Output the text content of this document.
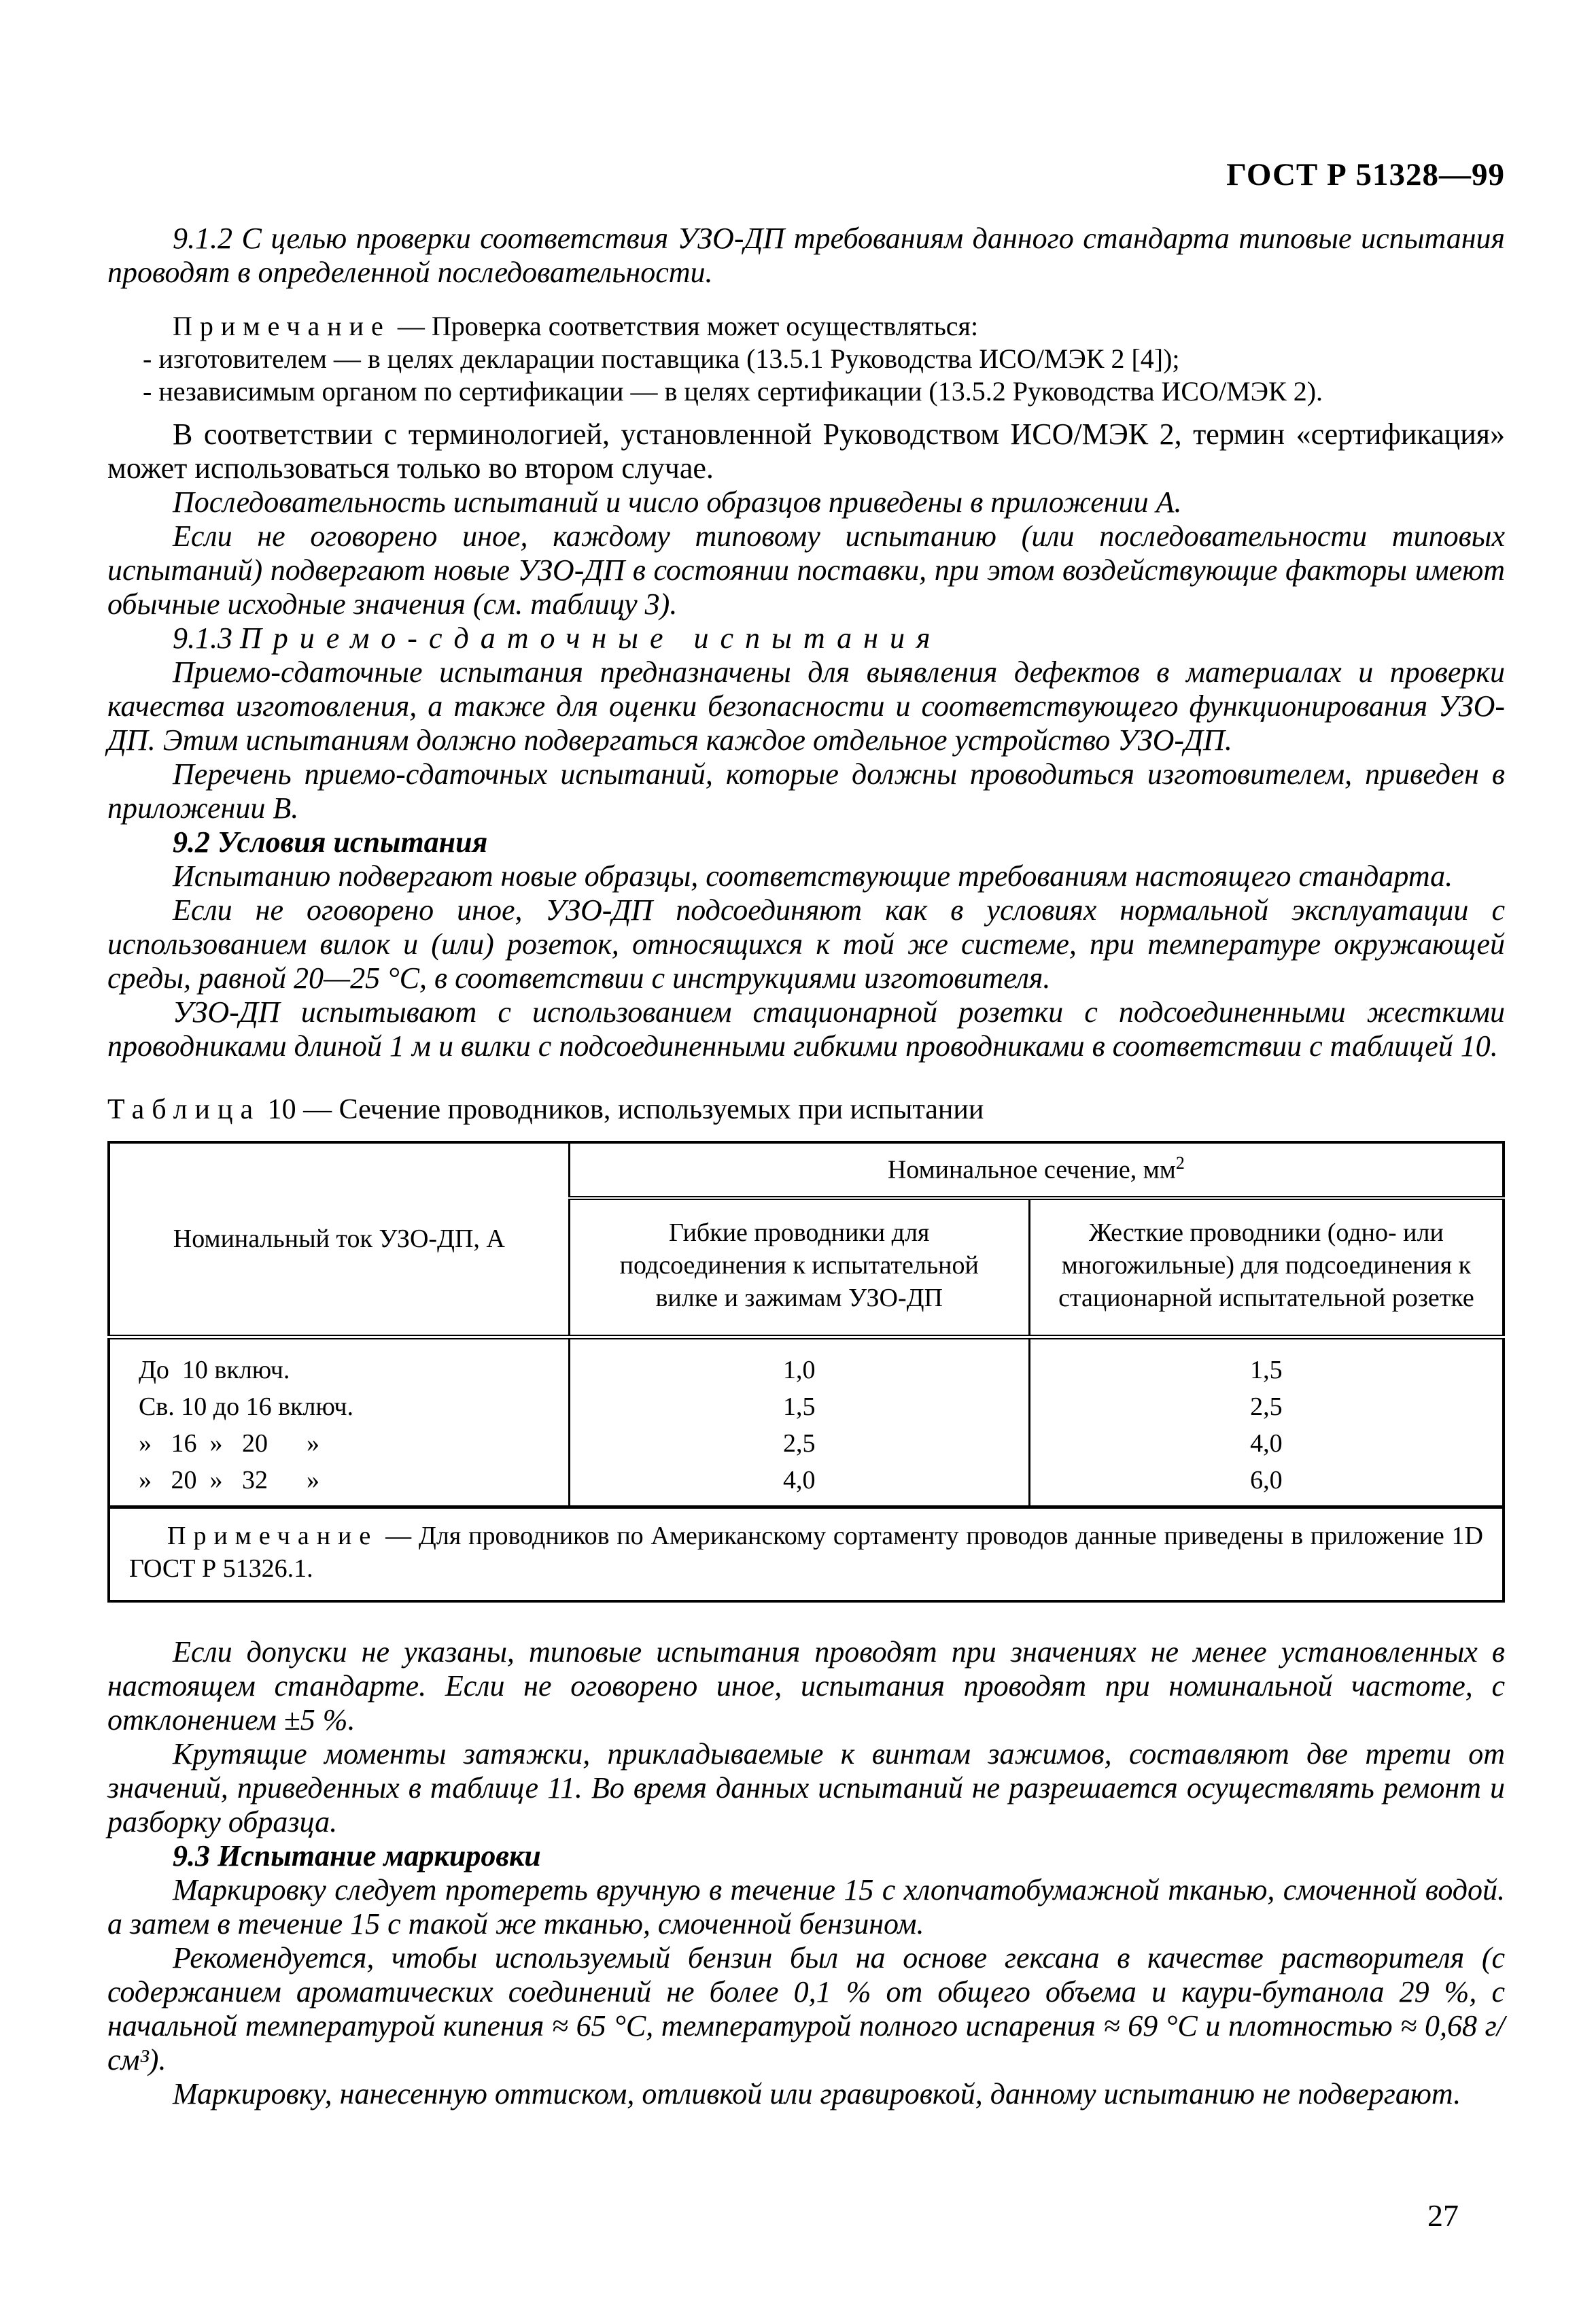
ГОСТ Р 51328—99

9.1.2 С целью проверки соответствия УЗО-ДП требованиям данного стандарта типовые испытания проводят в определенной последовательности.

Примечание — Проверка соответствия может осуществляться:

- изготовителем — в целях декларации поставщика (13.5.1 Руководства ИСО/МЭК 2 [4]);

- независимым органом по сертификации — в целях сертификации (13.5.2 Руководства ИСО/МЭК 2).

В соответствии с терминологией, установленной Руководством ИСО/МЭК 2, термин «сертификация» может использоваться только во втором случае.

Последовательность испытаний и число образцов приведены в приложении А.

Если не оговорено иное, каждому типовому испытанию (или последовательности типовых испытаний) подвергают новые УЗО-ДП в состоянии поставки, при этом воздействующие факторы имеют обычные исходные значения (см. таблицу 3).

9.1.3 Приемо-сдаточные испытания

Приемо-сдаточные испытания предназначены для выявления дефектов в материалах и проверки качества изготовления, а также для оценки безопасности и соответствующего функционирования УЗО-ДП. Этим испытаниям должно подвергаться каждое отдельное устройство УЗО-ДП.

Перечень приемо-сдаточных испытаний, которые должны проводиться изготовителем, приведен в приложении В.

9.2 Условия испытания

Испытанию подвергают новые образцы, соответствующие требованиям настоящего стандарта.

Если не оговорено иное, УЗО-ДП подсоединяют как в условиях нормальной эксплуатации с использованием вилок и (или) розеток, относящихся к той же системе, при температуре окружающей среды, равной 20—25 °С, в соответствии с инструкциями изготовителя.

УЗО-ДП испытывают с использованием стационарной розетки с подсоединенными жесткими проводниками длиной 1 м и вилки с подсоединенными гибкими проводниками в соответствии с таблицей 10.

Таблица 10 — Сечение проводников, используемых при испытании

Номинальный ток УЗО-ДП, А	Номинальное сечение, $мм^2$
	Гибкие проводники для подсоединения к испытательной вилке и зажимам УЗО-ДП	Жесткие проводники (одно- или многожильные) для подсоединения к стационарной испытательной розетке
До  10 включ.	1,0	1,5
Св. 10 до 16 включ.	1,5	2,5
»   16  »   20      »	2,5	4,0
»   20  »   32      »	4,0	6,0
Примечание — Для проводников по Американскому сортаменту проводов данные приведены в приложение 1D ГОСТ Р 51326.1.		

Если допуски не указаны, типовые испытания проводят при значениях не менее установленных в настоящем стандарте. Если не оговорено иное, испытания проводят при номинальной частоте, с отклонением ±5 %.

Крутящие моменты затяжки, прикладываемые к винтам зажимов, составляют две трети от значений, приведенных в таблице 11. Во время данных испытаний не разрешается осуществлять ремонт и разборку образца.

9.3 Испытание маркировки

Маркировку следует протереть вручную в течение 15 с хлопчатобумажной тканью, смоченной водой. а затем в течение 15 с такой же тканью, смоченной бензином.

Рекомендуется, чтобы используемый бензин был на основе гексана в качестве растворителя (с содержанием ароматических соединений не более 0,1 % от общего объема и каури-бутанола 29 %, с начальной температурой кипения ≈ 65 °С, температурой полного испарения ≈ 69 °С и плотностью ≈ 0,68 г/см³).

Маркировку, нанесенную оттиском, отливкой или гравировкой, данному испытанию не подвергают.

27
